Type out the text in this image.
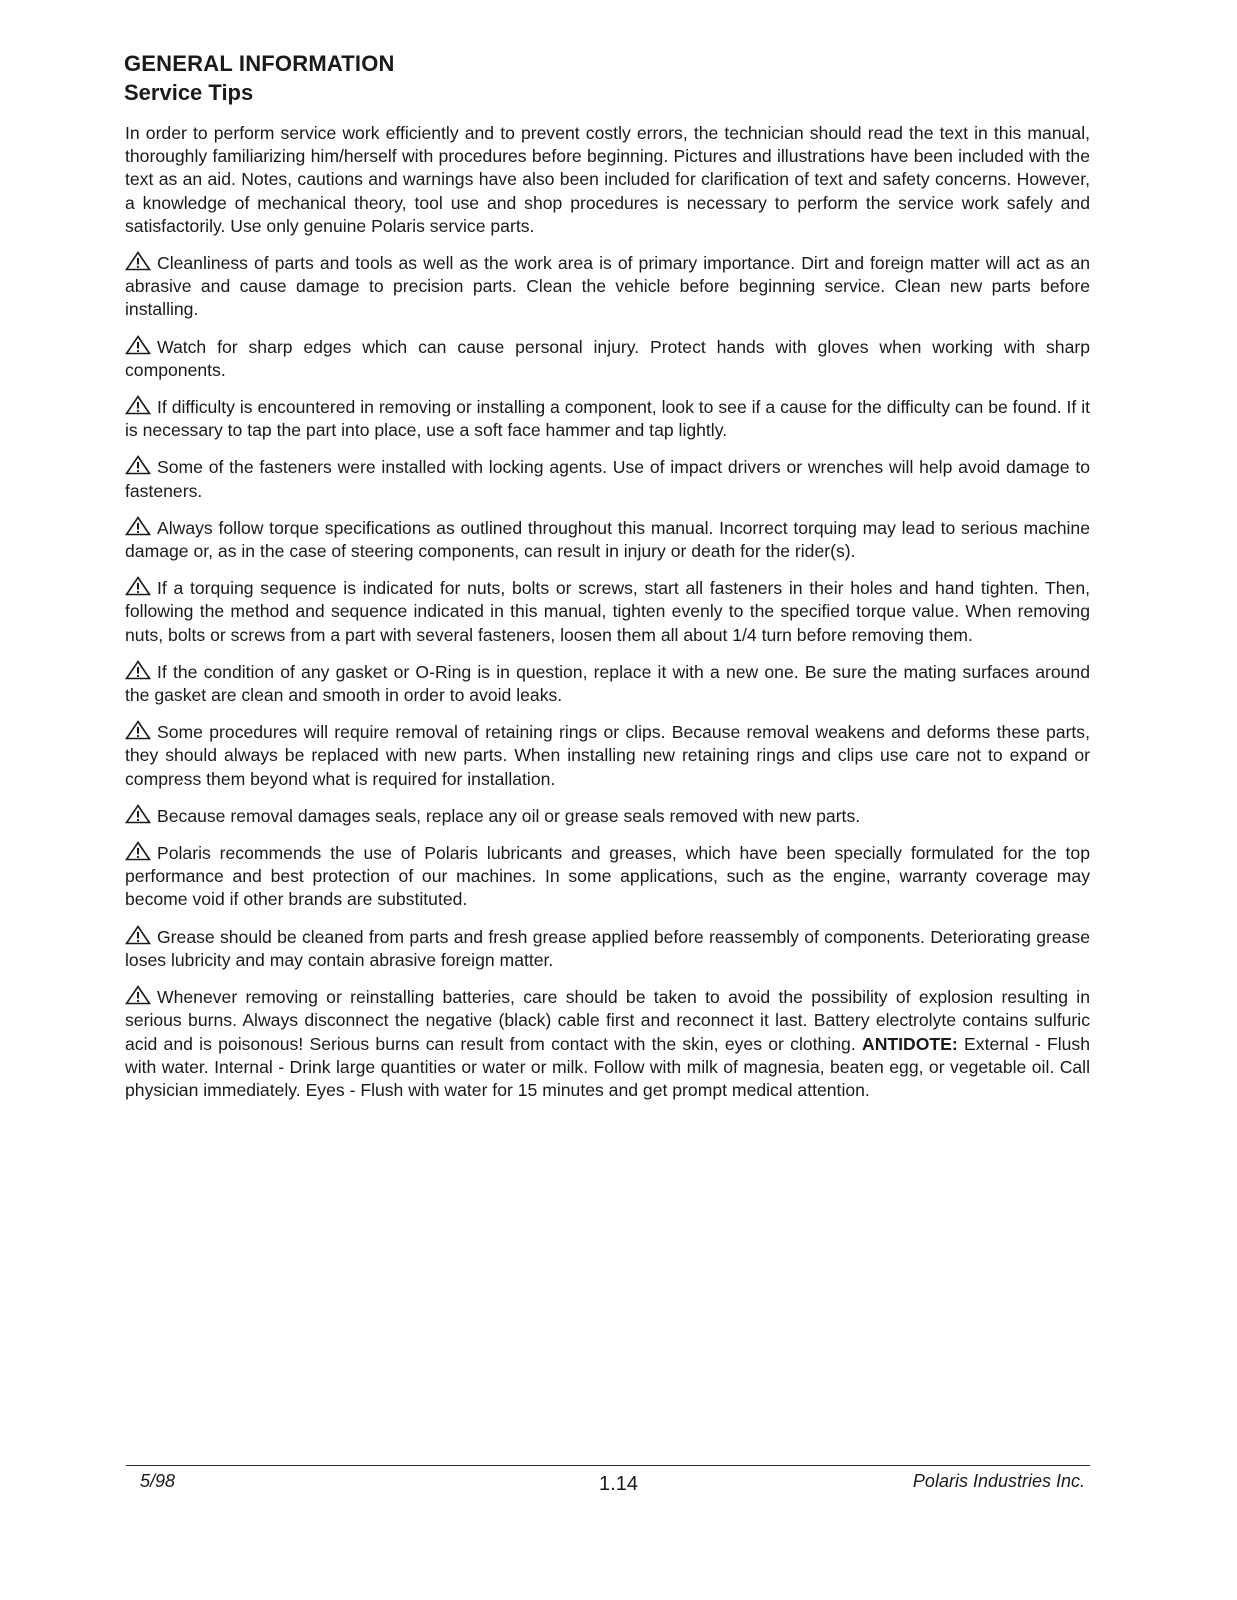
GENERAL INFORMATION
Service Tips

In order to perform service work efficiently and to prevent costly errors, the technician should read the text in this manual, thoroughly familiarizing him/herself with procedures before beginning. Pictures and illustrations have been included with the text as an aid. Notes, cautions and warnings have also been included for clarification of text and safety concerns. However, a knowledge of mechanical theory, tool use and shop procedures is necessary to perform the service work safely and satisfactorily. Use only genuine Polaris service parts.

Cleanliness of parts and tools as well as the work area is of primary importance. Dirt and foreign matter will act as an abrasive and cause damage to precision parts. Clean the vehicle before beginning service. Clean new parts before installing.

Watch for sharp edges which can cause personal injury. Protect hands with gloves when working with sharp components.

If difficulty is encountered in removing or installing a component, look to see if a cause for the difficulty can be found. If it is necessary to tap the part into place, use a soft face hammer and tap lightly.

Some of the fasteners were installed with locking agents. Use of impact drivers or wrenches will help avoid damage to fasteners.

Always follow torque specifications as outlined throughout this manual. Incorrect torquing may lead to serious machine damage or, as in the case of steering components, can result in injury or death for the rider(s).

If a torquing sequence is indicated for nuts, bolts or screws, start all fasteners in their holes and hand tighten. Then, following the method and sequence indicated in this manual, tighten evenly to the specified torque value. When removing nuts, bolts or screws from a part with several fasteners, loosen them all about 1/4 turn before removing them.

If the condition of any gasket or O-Ring is in question, replace it with a new one. Be sure the mating surfaces around the gasket are clean and smooth in order to avoid leaks.

Some procedures will require removal of retaining rings or clips. Because removal weakens and deforms these parts, they should always be replaced with new parts. When installing new retaining rings and clips use care not to expand or compress them beyond what is required for installation.

Because removal damages seals, replace any oil or grease seals removed with new parts.

Polaris recommends the use of Polaris lubricants and greases, which have been specially formulated for the top performance and best protection of our machines. In some applications, such as the engine, warranty coverage may become void if other brands are substituted.

Grease should be cleaned from parts and fresh grease applied before reassembly of components. Deteriorating grease loses lubricity and may contain abrasive foreign matter.

Whenever removing or reinstalling batteries, care should be taken to avoid the possibility of explosion resulting in serious burns. Always disconnect the negative (black) cable first and reconnect it last. Battery electrolyte contains sulfuric acid and is poisonous! Serious burns can result from contact with the skin, eyes or clothing. ANTIDOTE: External - Flush with water. Internal - Drink large quantities or water or milk. Follow with milk of magnesia, beaten egg, or vegetable oil. Call physician immediately. Eyes - Flush with water for 15 minutes and get prompt medical attention.

5/98	1.14	Polaris Industries Inc.
